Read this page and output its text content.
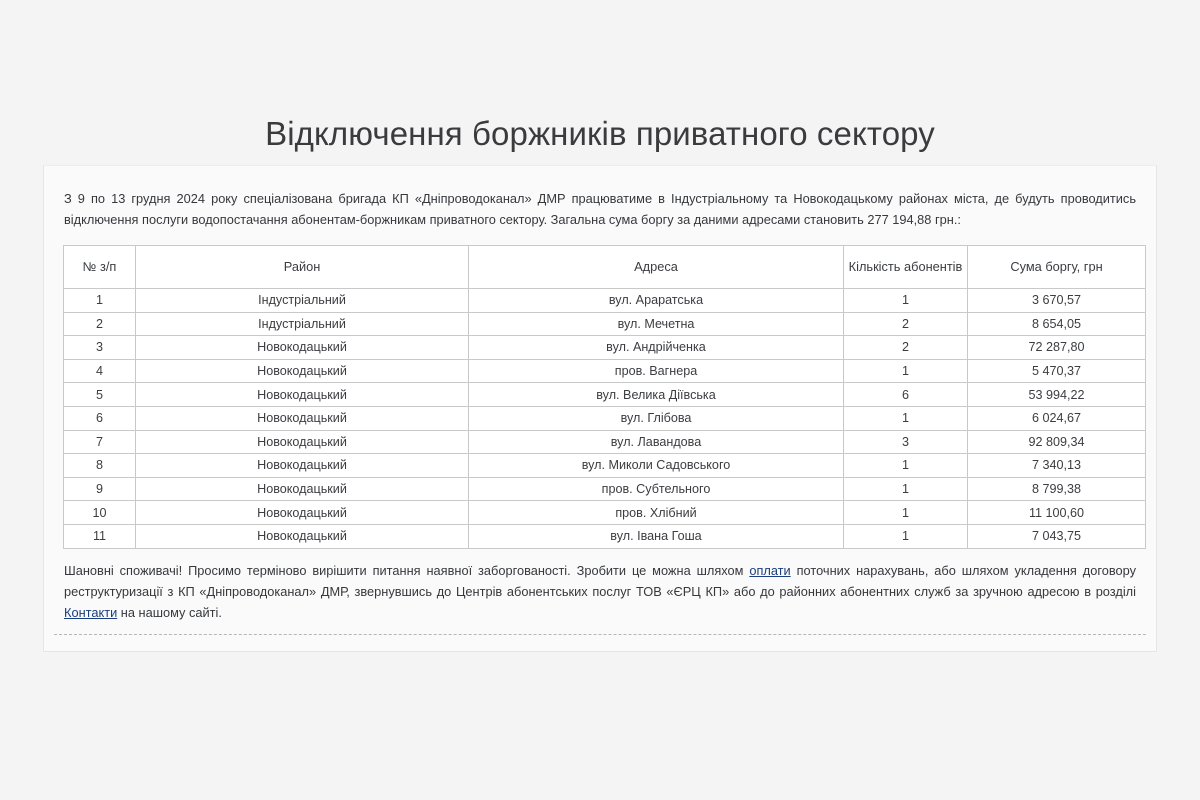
Відключення боржників приватного сектору

З 9 по 13 грудня 2024 року спеціалізована бригада КП «Дніпроводоканал» ДМР працюватиме в Індустріальному та Новокодацькому районах міста, де будуть проводитись відключення послуги водопостачання абонентам-боржникам приватного сектору. Загальна сума боргу за даними адресами становить 277 194,88 грн.:

№ з/п	Район	Адреса	Кількість абонентів	Сума боргу, грн
1	Індустріальний	вул. Араратська	1	3 670,57
2	Індустріальний	вул. Мечетна	2	8 654,05
3	Новокодацький	вул. Андрійченка	2	72 287,80
4	Новокодацький	пров. Вагнера	1	5 470,37
5	Новокодацький	вул. Велика Дiївська	6	53 994,22
6	Новокодацький	вул. Глібова	1	6 024,67
7	Новокодацький	вул. Лавандова	3	92 809,34
8	Новокодацький	вул. Миколи Садовського	1	7 340,13
9	Новокодацький	пров. Субтельного	1	8 799,38
10	Новокодацький	пров. Хлібний	1	11 100,60
11	Новокодацький	вул. Івана Гоша	1	7 043,75

Шановні споживачі! Просимо терміново вирішити питання наявної заборгованості. Зробити це можна шляхом оплати поточних нарахувань, або шляхом укладення договору реструктуризації з КП «Дніпроводоканал» ДМР, звернувшись до Центрів абонентських послуг ТОВ «ЄРЦ КП» або до районних абонентних служб за зручною адресою в розділі Контакти на нашому сайті.
